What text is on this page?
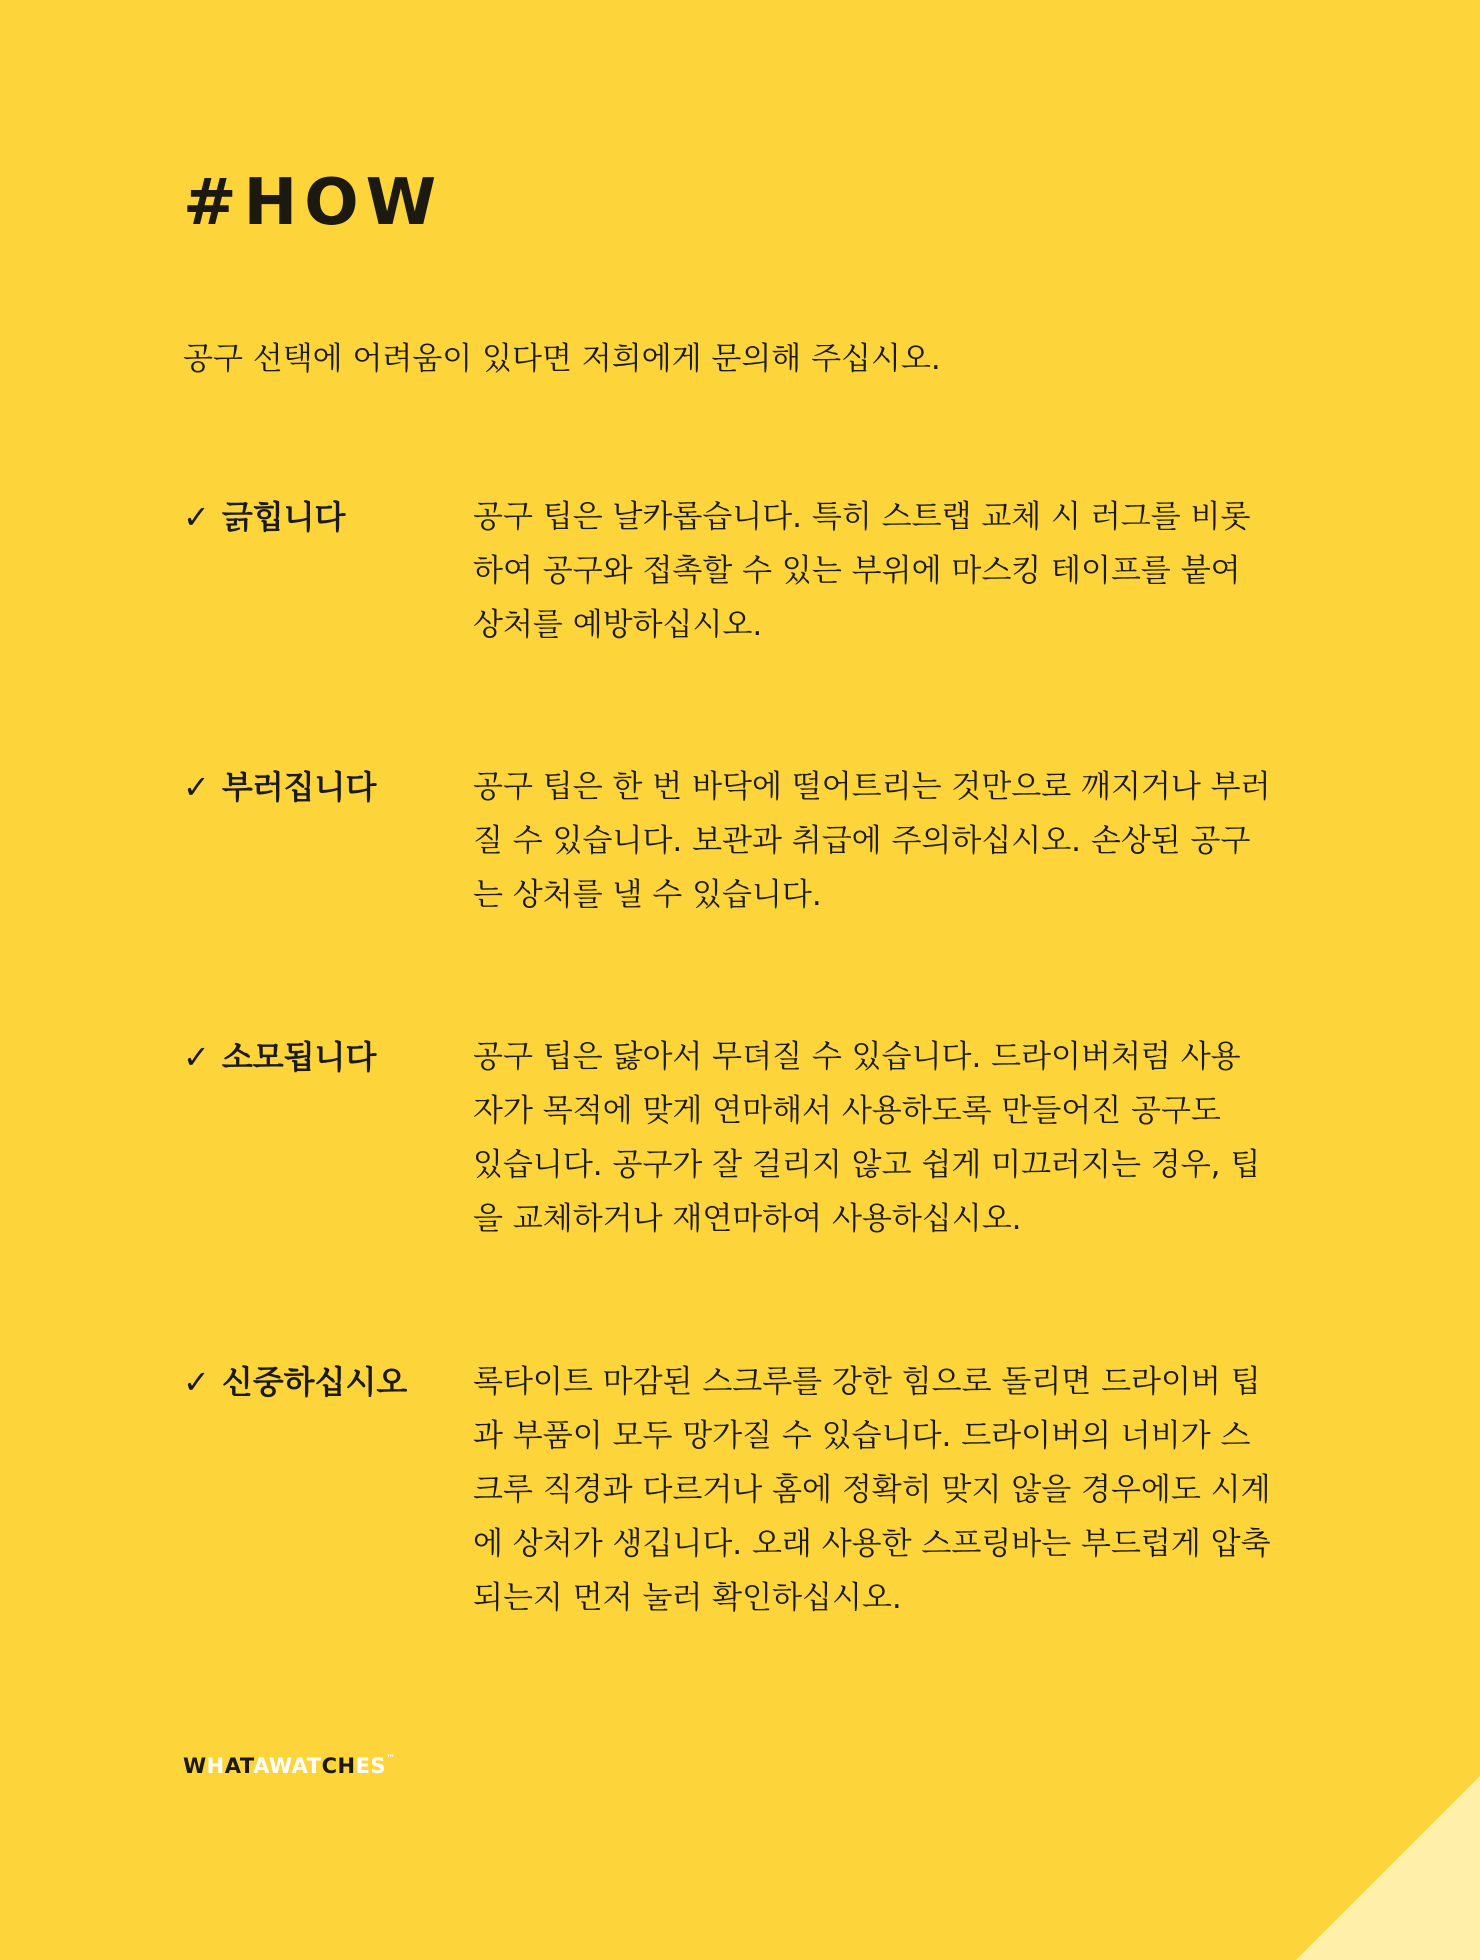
#HOW

공구 선택에 어려움이 있다면 저희에게 문의해 주십시오.

✓ 긁힙니다	공구 팁은 날카롭습니다. 특히 스트랩 교체 시 러그를 비롯
하여 공구와 접촉할 수 있는 부위에 마스킹 테이프를 붙여
상처를 예방하십시오.

✓ 부러집니다	공구 팁은 한 번 바닥에 떨어트리는 것만으로 깨지거나 부러
질 수 있습니다. 보관과 취급에 주의하십시오. 손상된 공구
는 상처를 낼 수 있습니다.

✓ 소모됩니다	공구 팁은 닳아서 무뎌질 수 있습니다. 드라이버처럼 사용
자가 목적에 맞게 연마해서 사용하도록 만들어진 공구도
있습니다. 공구가 잘 걸리지 않고 쉽게 미끄러지는 경우, 팁
을 교체하거나 재연마하여 사용하십시오.

✓ 신중하십시오 록타이트 마감된 스크루를 강한 힘으로 돌리면 드라이버 팁
과 부품이 모두 망가질 수 있습니다. 드라이버의 너비가 스
크루 직경과 다르거나 홈에 정확히 맞지 않을 경우에도 시계
에 상처가 생깁니다. 오래 사용한 스프링바는 부드럽게 압축
되는지 먼저 눌러 확인하십시오.

WHATAWATCHES™
